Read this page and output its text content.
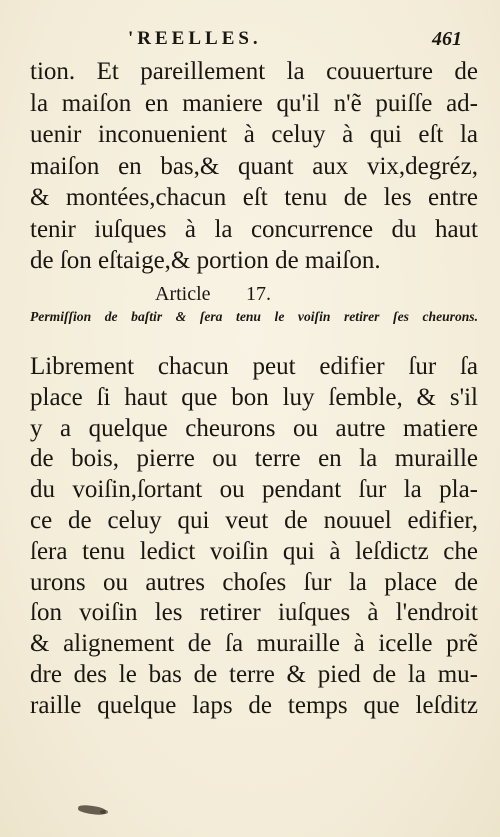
'REELLES.	461
tion. Et pareillement la couuerture de
la maiſon en maniere qu'il n'ẽ puiſſe ad-
uenir inconuenient à celuy à qui eſt la
maiſon en bas,& quant aux vix,degréz,
& montées,chacun eſt tenu de les entre
tenir iuſques à la concurrence du haut
de ſon eſtaige,& portion de maiſon.
Article 17.
Permiſſion de baſtir & ſera tenu le voiſin retirer ſes cheurons.
Librement chacun peut edifier ſur ſa
place ſi haut que bon luy ſemble, & s'il
y a quelque cheurons ou autre matiere
de bois, pierre ou terre en la muraille
du voiſin,ſortant ou pendant ſur la pla-
ce de celuy qui veut de nouuel edifier,
ſera tenu ledict voiſin qui à leſdictz che
urons ou autres choſes ſur la place de
ſon voiſin les retirer iuſques à l'endroit
& alignement de ſa muraille à icelle prẽ
dre des le bas de terre & pied de la mu-
raille quelque laps de temps que leſditz
